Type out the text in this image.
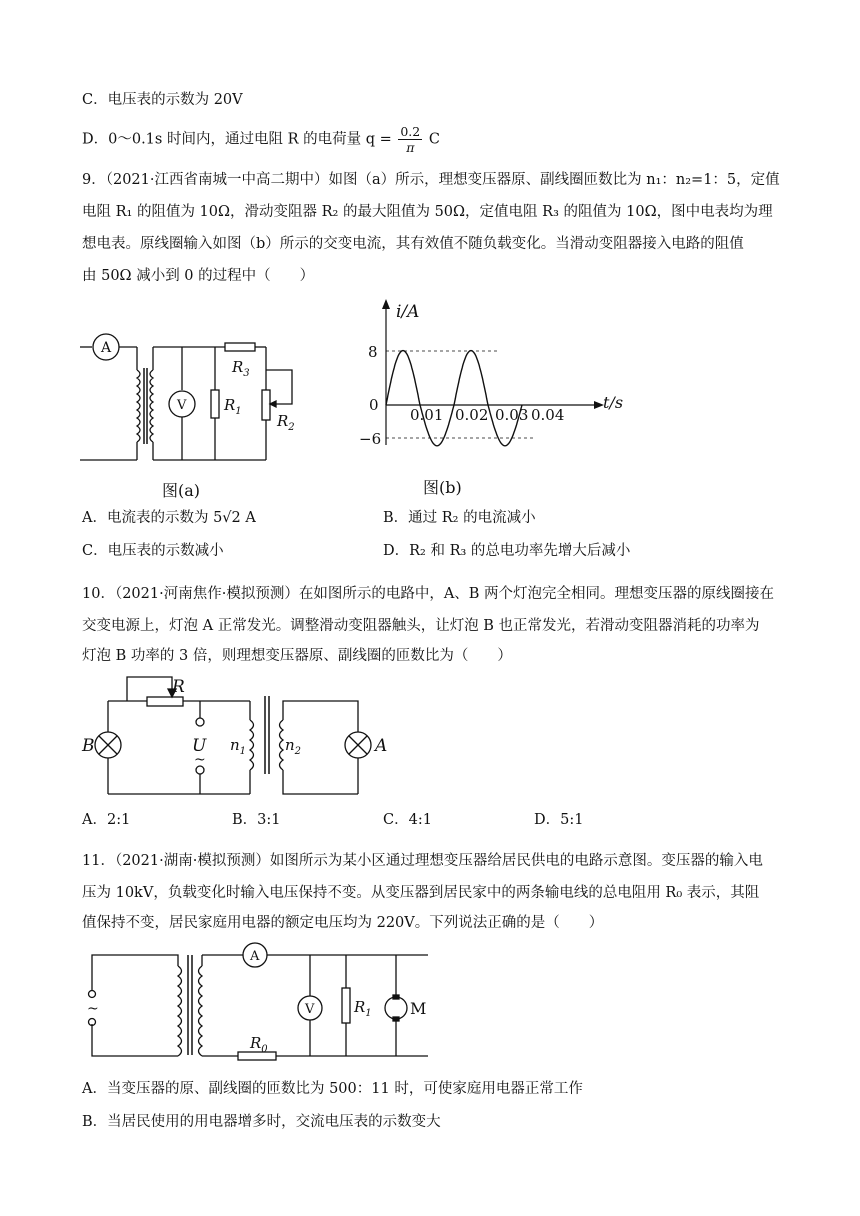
C．电压表的示数为 20V
D．0～0.1s 时间内，通过电阻 R 的电荷量 $q = \frac{0.2}{\pi}$ C
9．（2021·江西省南城一中高二期中）如图（a）所示，理想变压器原、副线圈匝数比为 n₁：n₂=1：5，定值
电阻 R₁ 的阻值为 10Ω，滑动变阻器 R₂ 的最大阻值为 50Ω，定值电阻 R₃ 的阻值为 10Ω，图中电表均为理
想电表。原线圈输入如图（b）所示的交变电流，其有效值不随负载变化。当滑动变阻器接入电路的阻值
由 50Ω 减小到 0 的过程中（　　）
A
V	$R_1$
$R_3$
$R_2$
图(a)
i/A
t/s
0
8
−6
0.01 0.02 0.03 0.04
图(b)
A．电流表的示数为 5√2 A	B．通过 R₂ 的电流减小
C．电压表的示数减小	D．R₂ 和 R₃ 的总电功率先增大后减小
10．（2021·河南焦作·模拟预测）在如图所示的电路中，A、B 两个灯泡完全相同。理想变压器的原线圈接在
交变电源上，灯泡 A 正常发光。调整滑动变阻器触头，让灯泡 B 也正常发光，若滑动变阻器消耗的功率为
灯泡 B 功率的 3 倍，则理想变压器原、副线圈的匝数比为（　　）
R
B	A
U
~
$n_1$	$n_2$
A．2:1	B．3:1	C．4:1	D．5:1
11．（2021·湖南·模拟预测）如图所示为某小区通过理想变压器给居民供电的电路示意图。变压器的输入电
压为 10kV，负载变化时输入电压保持不变。从变压器到居民家中的两条输电线的总电阻用 R₀ 表示，其阻
值保持不变，居民家庭用电器的额定电压均为 220V。下列说法正确的是（　　）
A
V	$R_1$
$R_0$
M
~
A．当变压器的原、副线圈的匝数比为 500：11 时，可使家庭用电器正常工作
B．当居民使用的用电器增多时，交流电压表的示数变大
